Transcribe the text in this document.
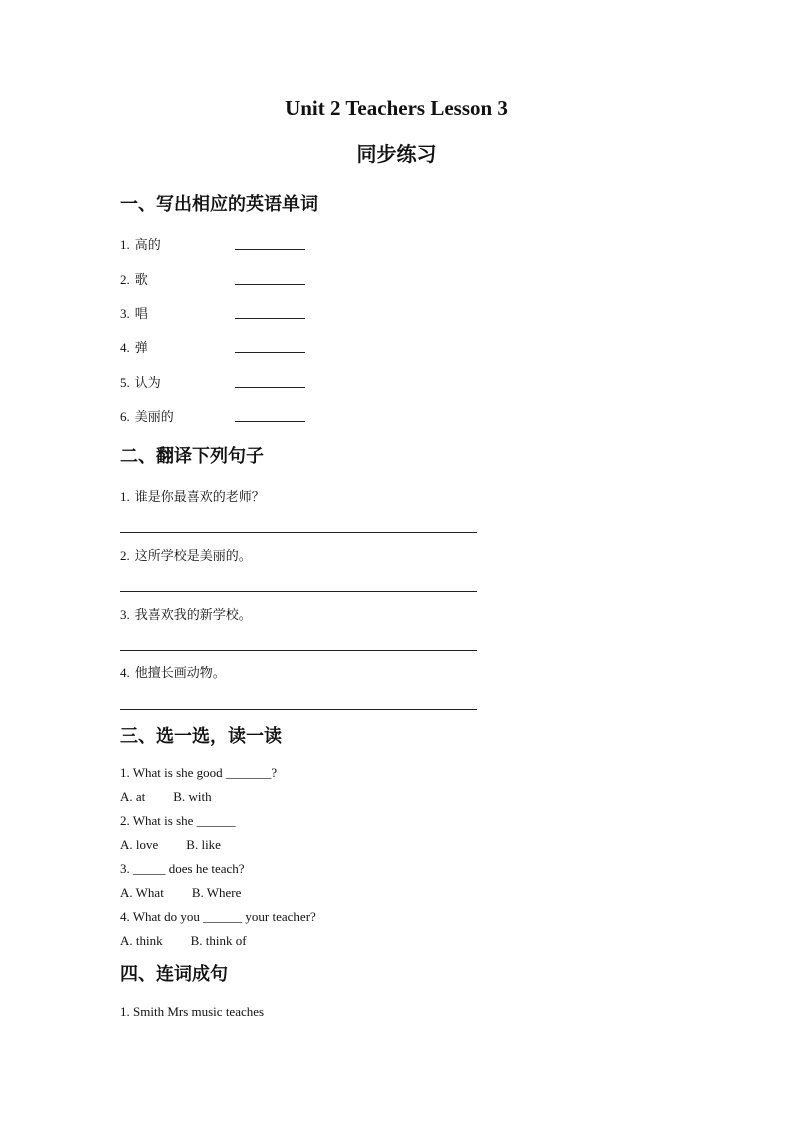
Unit 2 Teachers Lesson 3
同步练习
一、写出相应的英语单词
1. 高的
2. 歌
3. 唱
4. 弹
5. 认为
6. 美丽的
二、翻译下列句子
1. 谁是你最喜欢的老师？
2. 这所学校是美丽的。
3. 我喜欢我的新学校。
4. 他擅长画动物。
三、选一选，读一读
1. What is she good _______?
A. at B. with
2. What is she ______
A. love B. like
3. _____ does he teach?
A. What B. Where
4. What do you ______ your teacher?
A. think B. think of
四、连词成句
1. Smith Mrs music teaches
